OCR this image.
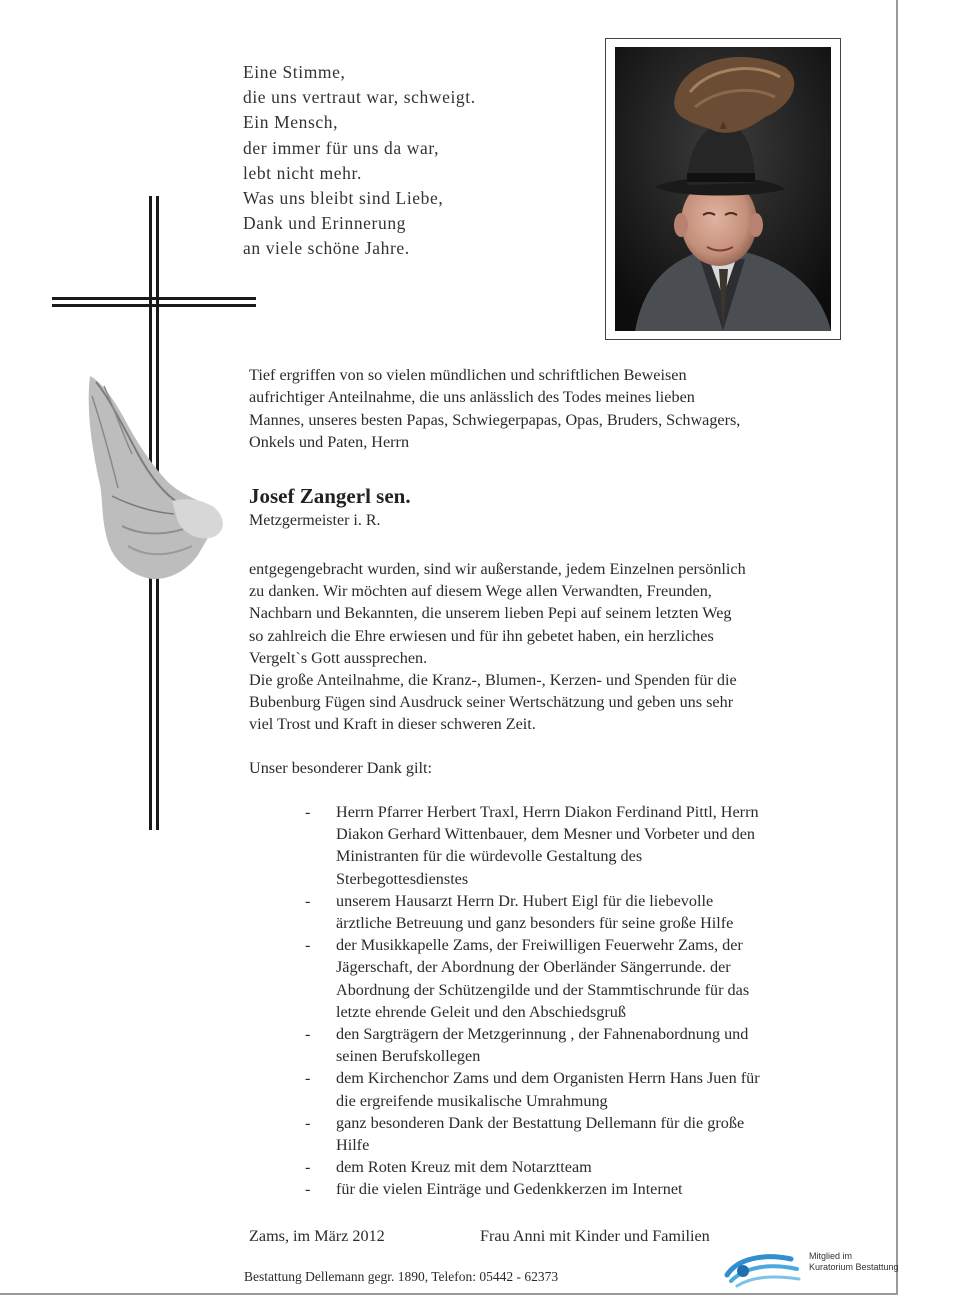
Eine Stimme,
die uns vertraut war, schweigt.
Ein Mensch,
der immer für uns da war,
lebt nicht mehr.
Was uns bleibt sind Liebe,
Dank und Erinnerung
an viele schöne Jahre.
Tief ergriffen von so vielen mündlichen und schriftlichen Beweisen
aufrichtiger Anteilnahme, die uns anlässlich des Todes meines lieben
Mannes, unseres besten Papas, Schwiegerpapas, Opas, Bruders, Schwagers,
Onkels und Paten, Herrn
Josef Zangerl sen.
Metzgermeister i. R.

entgegengebracht wurden, sind wir außerstande, jedem Einzelnen persönlich

zu danken. Wir möchten auf diesem Wege allen Verwandten, Freunden,

Nachbarn und Bekannten, die unserem lieben Pepi auf seinem letzten Weg

so zahlreich die Ehre erwiesen und für ihn gebetet haben, ein herzliches

Vergelt`s Gott aussprechen.

Die große Anteilnahme, die Kranz-, Blumen-, Kerzen- und Spenden für die

Bubenburg Fügen sind Ausdruck seiner Wertschätzung und geben uns sehr

viel Trost und Kraft in dieser schweren Zeit.

Unser besonderer Dank gilt:
- Herrn Pfarrer Herbert Traxl, Herrn Diakon Ferdinand Pittl, Herrn
Diakon Gerhard Wittenbauer, dem Mesner und Vorbeter und den
Ministranten für die würdevolle Gestaltung des
Sterbegottesdienstes
- unserem Hausarzt Herrn Dr. Hubert Eigl für die liebevolle
ärztliche Betreuung und ganz besonders für seine große Hilfe
- der Musikkapelle Zams, der Freiwilligen Feuerwehr Zams, der
Jägerschaft, der Abordnung der Oberländer Sängerrunde. der
Abordnung der Schützengilde und der Stammtischrunde für das
letzte ehrende Geleit und den Abschiedsgruß
- den Sargträgern der Metzgerinnung , der Fahnenabordnung und
seinen Berufskollegen
- dem Kirchenchor Zams und dem Organisten Herrn Hans Juen für
die ergreifende musikalische Umrahmung
- ganz besonderen Dank der Bestattung Dellemann für die große
Hilfe
- dem Roten Kreuz mit dem Notarztteam
- für die vielen Einträge und Gedenkkerzen im Internet
Zams, im März 2012	Frau Anni mit Kinder und Familien
Bestattung Dellemann gegr. 1890, Telefon: 05442 - 62373
Mitglied im
Kuratorium Bestattung
